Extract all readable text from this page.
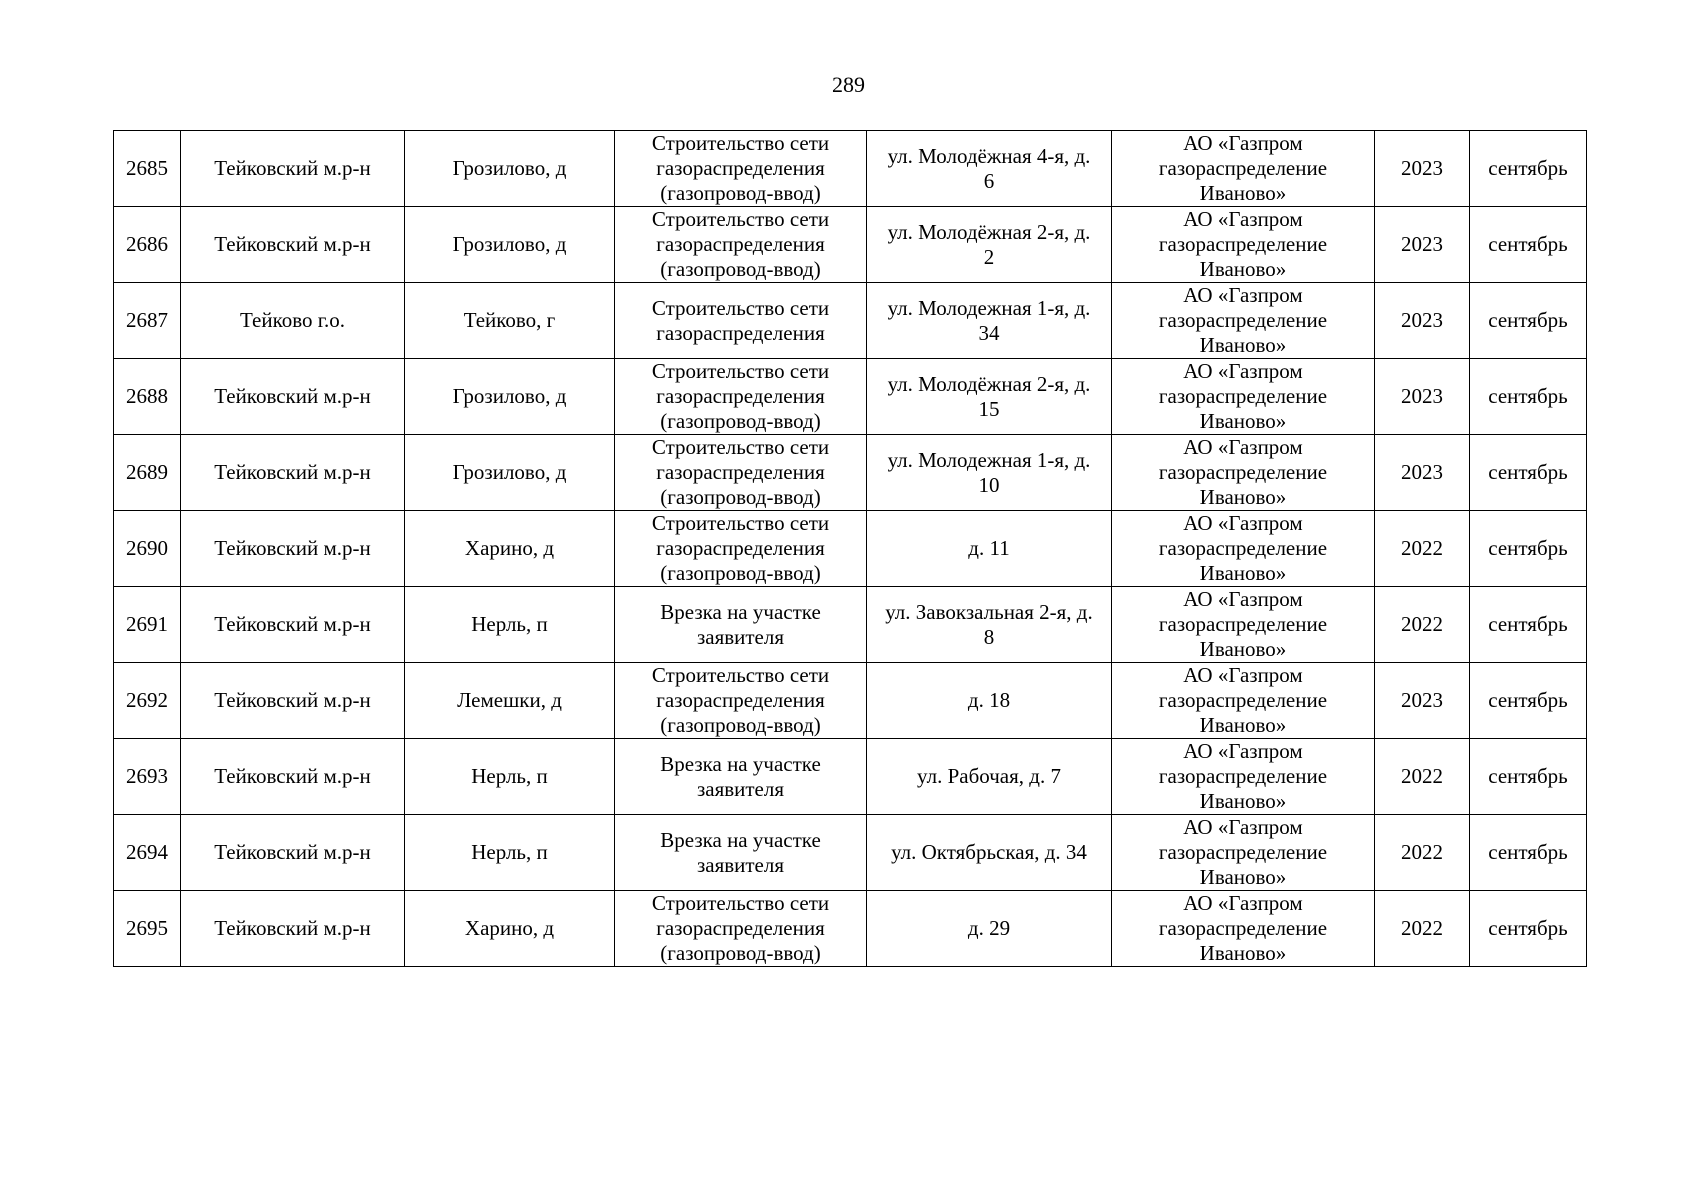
289
2685	Тейковский м.р-н	Грозилово, д	Строительство сети
газораспределения
(газопровод-ввод)	ул. Молодёжная 4-я, д.
6	АО «Газпром
газораспределение
Иваново»	2023	сентябрь
2686	Тейковский м.р-н	Грозилово, д	Строительство сети
газораспределения
(газопровод-ввод)	ул. Молодёжная 2-я, д.
2	АО «Газпром
газораспределение
Иваново»	2023	сентябрь
2687	Тейково г.о.	Тейково, г	Строительство сети
газораспределения	ул. Молодежная 1-я, д.
34	АО «Газпром
газораспределение
Иваново»	2023	сентябрь
2688	Тейковский м.р-н	Грозилово, д	Строительство сети
газораспределения
(газопровод-ввод)	ул. Молодёжная 2-я, д.
15	АО «Газпром
газораспределение
Иваново»	2023	сентябрь
2689	Тейковский м.р-н	Грозилово, д	Строительство сети
газораспределения
(газопровод-ввод)	ул. Молодежная 1-я, д.
10	АО «Газпром
газораспределение
Иваново»	2023	сентябрь
2690	Тейковский м.р-н	Харино, д	Строительство сети
газораспределения
(газопровод-ввод)	д. 11	АО «Газпром
газораспределение
Иваново»	2022	сентябрь
2691	Тейковский м.р-н	Нерль, п	Врезка на участке
заявителя	ул. Завокзальная 2-я, д.
8	АО «Газпром
газораспределение
Иваново»	2022	сентябрь
2692	Тейковский м.р-н	Лемешки, д	Строительство сети
газораспределения
(газопровод-ввод)	д. 18	АО «Газпром
газораспределение
Иваново»	2023	сентябрь
2693	Тейковский м.р-н	Нерль, п	Врезка на участке
заявителя	ул. Рабочая, д. 7	АО «Газпром
газораспределение
Иваново»	2022	сентябрь
2694	Тейковский м.р-н	Нерль, п	Врезка на участке
заявителя	ул. Октябрьская, д. 34	АО «Газпром
газораспределение
Иваново»	2022	сентябрь
2695	Тейковский м.р-н	Харино, д	Строительство сети
газораспределения
(газопровод-ввод)	д. 29	АО «Газпром
газораспределение
Иваново»	2022	сентябрь
